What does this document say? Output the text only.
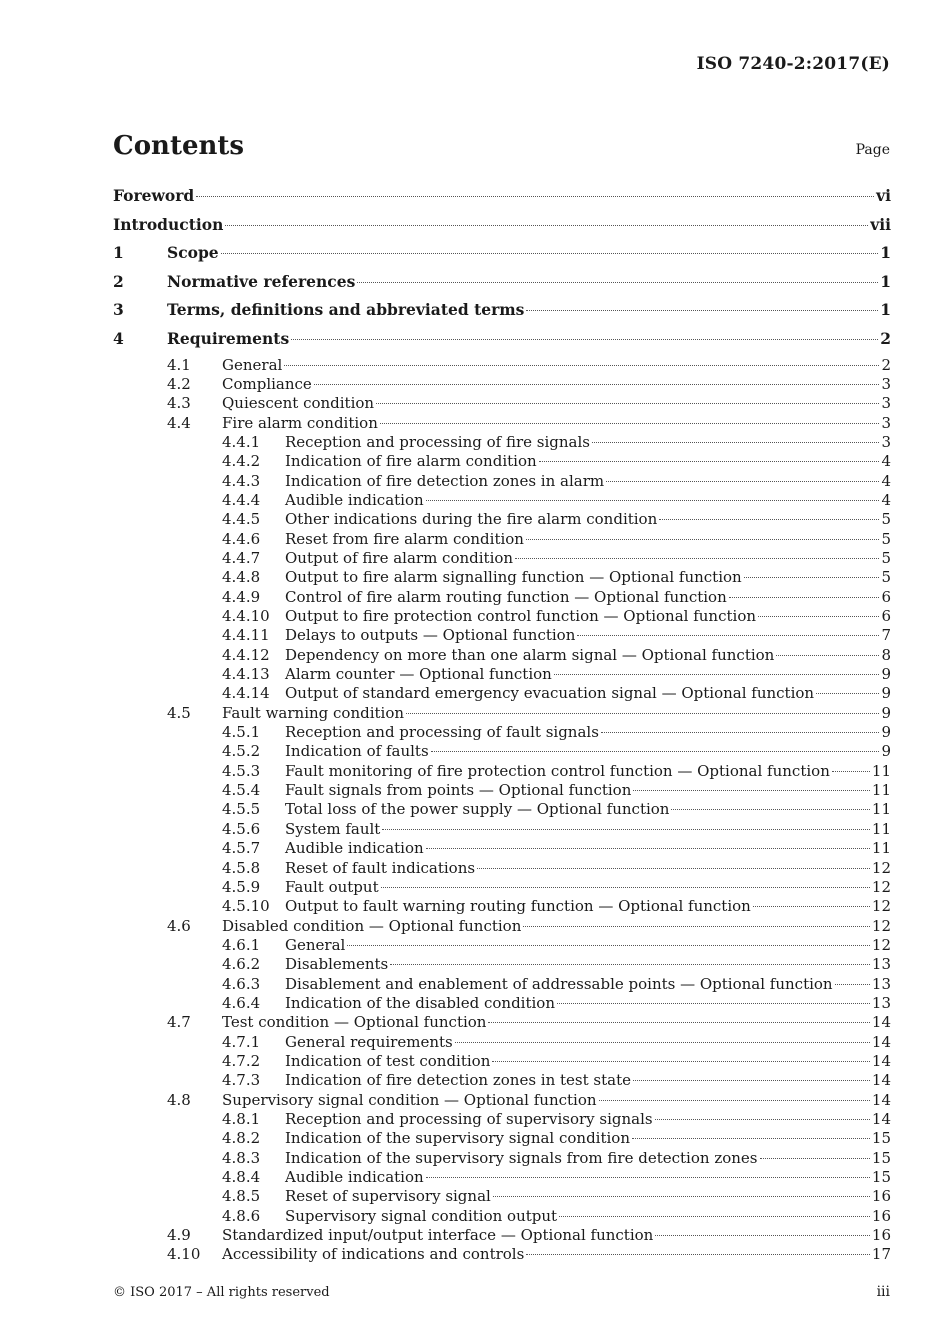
ISO 7240-2:2017(E)
Contents	Page
Foreword	vi
Introduction	vii
1	Scope	1
2	Normative references	1
3	Terms, definitions and abbreviated terms	1
4	Requirements	2
4.1	General	2
4.2	Compliance	3
4.3	Quiescent condition	3
4.4	Fire alarm condition	3
4.4.1	Reception and processing of fire signals	3
4.4.2	Indication of fire alarm condition	4
4.4.3	Indication of fire detection zones in alarm	4
4.4.4	Audible indication	4
4.4.5	Other indications during the fire alarm condition	5
4.4.6	Reset from fire alarm condition	5
4.4.7	Output of fire alarm condition	5
4.4.8	Output to fire alarm signalling function — Optional function	5
4.4.9	Control of fire alarm routing function — Optional function	6
4.4.10	Output to fire protection control function — Optional function	6
4.4.11	Delays to outputs — Optional function	7
4.4.12	Dependency on more than one alarm signal — Optional function	8
4.4.13	Alarm counter — Optional function	9
4.4.14	Output of standard emergency evacuation signal — Optional function	9
4.5	Fault warning condition	9
4.5.1	Reception and processing of fault signals	9
4.5.2	Indication of faults	9
4.5.3	Fault monitoring of fire protection control function — Optional function	11
4.5.4	Fault signals from points — Optional function	11
4.5.5	Total loss of the power supply — Optional function	11
4.5.6	System fault	11
4.5.7	Audible indication	11
4.5.8	Reset of fault indications	12
4.5.9	Fault output	12
4.5.10	Output to fault warning routing function — Optional function	12
4.6	Disabled condition — Optional function	12
4.6.1	General	12
4.6.2	Disablements	13
4.6.3	Disablement and enablement of addressable points — Optional function	13
4.6.4	Indication of the disabled condition	13
4.7	Test condition — Optional function	14
4.7.1	General requirements	14
4.7.2	Indication of test condition	14
4.7.3	Indication of fire detection zones in test state	14
4.8	Supervisory signal condition — Optional function	14
4.8.1	Reception and processing of supervisory signals	14
4.8.2	Indication of the supervisory signal condition	15
4.8.3	Indication of the supervisory signals from fire detection zones	15
4.8.4	Audible indication	15
4.8.5	Reset of supervisory signal	16
4.8.6	Supervisory signal condition output	16
4.9	Standardized input/output interface — Optional function	16
4.10	Accessibility of indications and controls	17
© ISO 2017 – All rights reserved	iii
